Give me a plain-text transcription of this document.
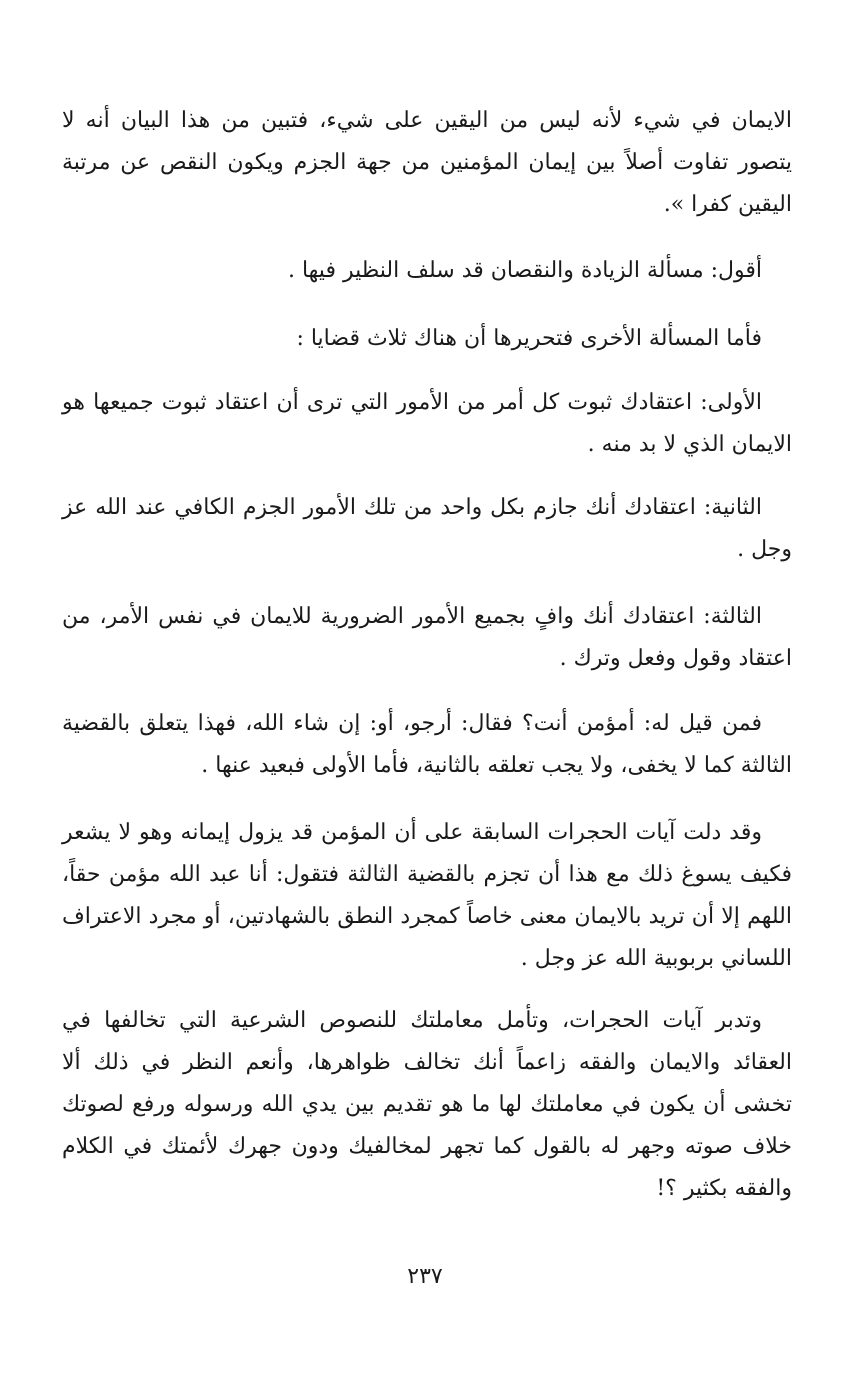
الايمان في شيء لأنه ليس من اليقين على شيء، فتبين من هذا البيان أنه لا يتصور تفاوت أصلاً بين إيمان المؤمنين من جهة الجزم ويكون النقص عن مرتبة اليقين كفرا ».

أقول: مسألة الزيادة والنقصان قد سلف النظير فيها .

فأما المسألة الأخرى فتحريرها أن هناك ثلاث قضايا :

الأولى: اعتقادك ثبوت كل أمر من الأمور التي ترى أن اعتقاد ثبوت جميعها هو الايمان الذي لا بد منه .

الثانية: اعتقادك أنك جازم بكل واحد من تلك الأمور الجزم الكافي عند الله عز وجل .

الثالثة: اعتقادك أنك وافٍ بجميع الأمور الضرورية للايمان في نفس الأمر، من اعتقاد وقول وفعل وترك .

فمن قيل له: أمؤمن أنت؟ فقال: أرجو، أو: إن شاء الله، فهذا يتعلق بالقضية الثالثة كما لا يخفى، ولا يجب تعلقه بالثانية، فأما الأولى فبعيد عنها .

وقد دلت آيات الحجرات السابقة على أن المؤمن قد يزول إيمانه وهو لا يشعر فكيف يسوغ ذلك مع هذا أن تجزم بالقضية الثالثة فتقول: أنا عبد الله مؤمن حقاً، اللهم إلا أن تريد بالايمان معنى خاصاً كمجرد النطق بالشهادتين، أو مجرد الاعتراف اللساني بربوبية الله عز وجل .

وتدبر آيات الحجرات، وتأمل معاملتك للنصوص الشرعية التي تخالفها في العقائد والايمان والفقه زاعماً أنك تخالف ظواهرها، وأنعم النظر في ذلك ألا تخشى أن يكون في معاملتك لها ما هو تقديم بين يدي الله ورسوله ورفع لصوتك خلاف صوته وجهر له بالقول كما تجهر لمخالفيك ودون جهرك لأئمتك في الكلام والفقه بكثير ؟!

٢٣٧
